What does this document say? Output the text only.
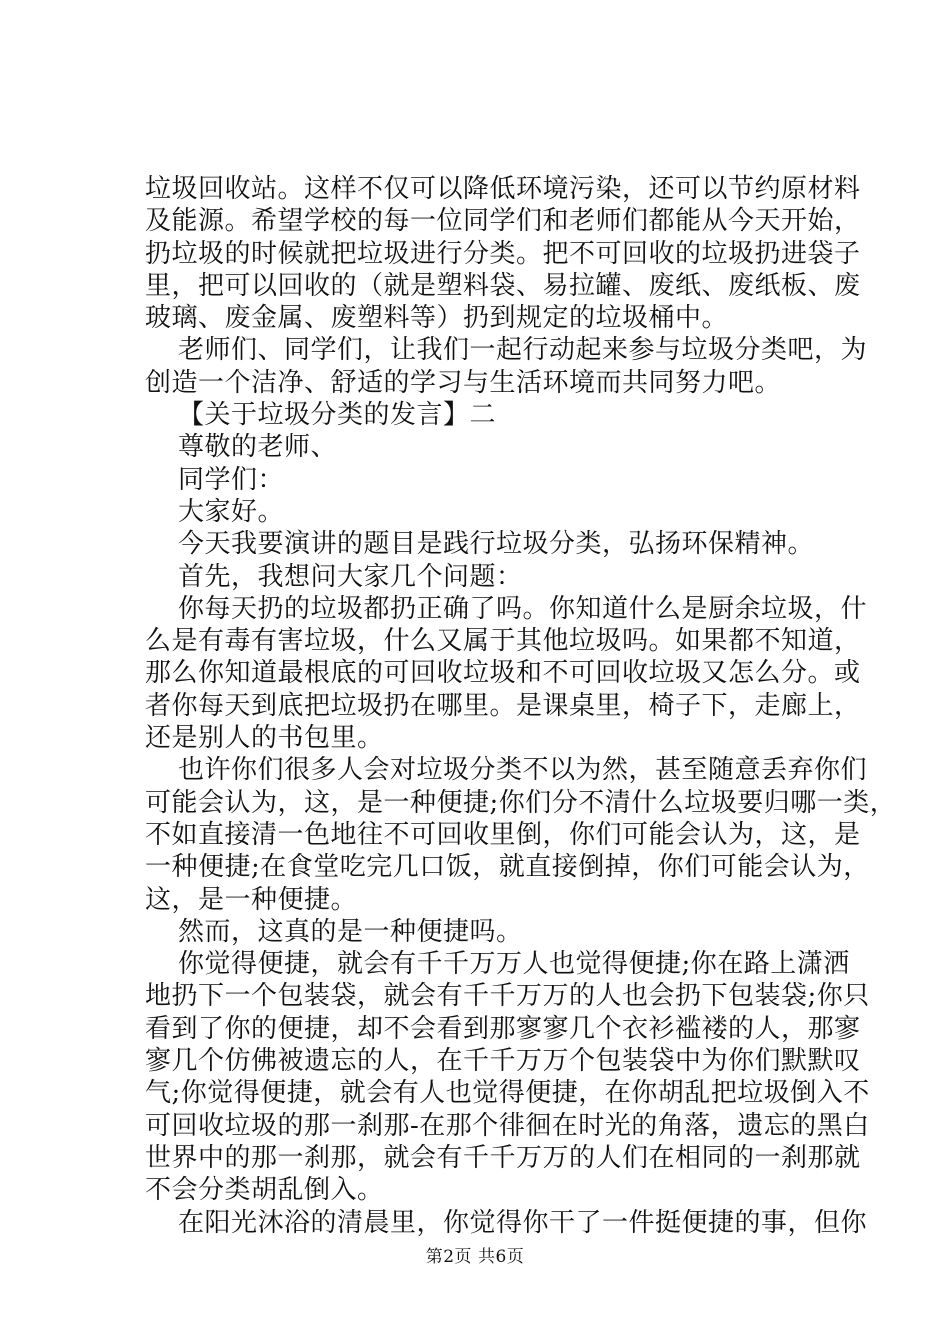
垃圾回收站。这样不仅可以降低环境污染，还可以节约原材料
及能源。希望学校的每一位同学们和老师们都能从今天开始，
扔垃圾的时候就把垃圾进行分类。把不可回收的垃圾扔进袋子
里，把可以回收的（就是塑料袋、易拉罐、废纸、废纸板、废
玻璃、废金属、废塑料等）扔到规定的垃圾桶中。
老师们、同学们，让我们一起行动起来参与垃圾分类吧，为
创造一个洁净、舒适的学习与生活环境而共同努力吧。
【关于垃圾分类的发言】二
尊敬的老师、
同学们：
大家好。
今天我要演讲的题目是践行垃圾分类，弘扬环保精神。
首先，我想问大家几个问题：
你每天扔的垃圾都扔正确了吗。你知道什么是厨余垃圾，什
么是有毒有害垃圾，什么又属于其他垃圾吗。如果都不知道，
那么你知道最根底的可回收垃圾和不可回收垃圾又怎么分。或
者你每天到底把垃圾扔在哪里。是课桌里，椅子下，走廊上，
还是别人的书包里。
也许你们很多人会对垃圾分类不以为然，甚至随意丢弃你们
可能会认为，这，是一种便捷;你们分不清什么垃圾要归哪一类，
不如直接清一色地往不可回收里倒，你们可能会认为，这，是
一种便捷;在食堂吃完几口饭，就直接倒掉，你们可能会认为，
这，是一种便捷。
然而，这真的是一种便捷吗。
你觉得便捷，就会有千千万万人也觉得便捷;你在路上潇洒
地扔下一个包装袋，就会有千千万万的人也会扔下包装袋;你只
看到了你的便捷，却不会看到那寥寥几个衣衫褴褛的人，那寥
寥几个仿佛被遗忘的人，在千千万万个包装袋中为你们默默叹
气;你觉得便捷，就会有人也觉得便捷，在你胡乱把垃圾倒入不
可回收垃圾的那一刹那-在那个徘徊在时光的角落，遗忘的黑白
世界中的那一刹那，就会有千千万万的人们在相同的一刹那就
不会分类胡乱倒入。
在阳光沐浴的清晨里，你觉得你干了一件挺便捷的事，但你
第2页 共6页
